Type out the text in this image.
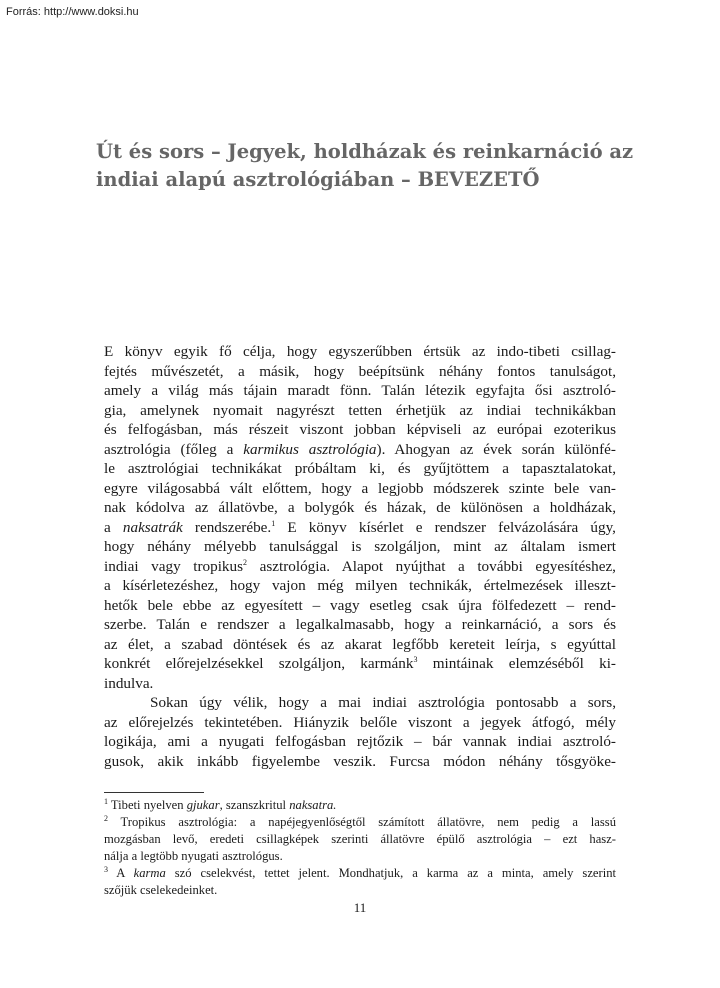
Forrás: http://www.doksi.hu
Út és sors – Jegyek, holdházak és reinkarnáció az
indiai alapú asztrológiában – BEVEZETŐ
E könyv egyik fő célja, hogy egyszerűbben értsük az indo-tibeti csillag-
fejtés művészetét, a másik, hogy beépítsünk néhány fontos tanulságot,
amely a világ más tájain maradt fönn. Talán létezik egyfajta ősi asztroló-
gia, amelynek nyomait nagyrészt tetten érhetjük az indiai technikákban
és felfogásban, más részeit viszont jobban képviseli az európai ezoterikus
asztrológia (főleg a karmikus asztrológia). Ahogyan az évek során különfé-
le asztrológiai technikákat próbáltam ki, és gyűjtöttem a tapasztalatokat,
egyre világosabbá vált előttem, hogy a legjobb módszerek szinte bele van-
nak kódolva az állatövbe, a bolygók és házak, de különösen a holdházak,
a naksatrák rendszerébe.$^1$ E könyv kísérlet e rendszer felvázolására úgy,
hogy néhány mélyebb tanulsággal is szolgáljon, mint az általam ismert
indiai vagy tropikus$^2$ asztrológia. Alapot nyújthat a további egyesítéshez,
a kísérletezéshez, hogy vajon még milyen technikák, értelmezések illeszt-
hetők bele ebbe az egyesített – vagy esetleg csak újra fölfedezett – rend-
szerbe. Talán e rendszer a legalkalmasabb, hogy a reinkarnáció, a sors és
az élet, a szabad döntések és az akarat legfőbb kereteit leírja, s egyúttal
konkrét előrejelzésekkel szolgáljon, karmánk$^3$ mintáinak elemzéséből ki-
indulva.
Sokan úgy vélik, hogy a mai indiai asztrológia pontosabb a sors,
az előrejelzés tekintetében. Hiányzik belőle viszont a jegyek átfogó, mély
logikája, ami a nyugati felfogásban rejtőzik – bár vannak indiai asztroló-
gusok, akik inkább figyelembe veszik. Furcsa módon néhány tősgyöke-
$^1$ Tibeti nyelven gjukar, szanszkritul naksatra.
$^2$ Tropikus asztrológia: a napéjegyenlőségtől számított állatövre, nem pedig a lassú
mozgásban levő, eredeti csillagképek szerinti állatövre épülő asztrológia – ezt hasz-
nálja a legtöbb nyugati asztrológus.
$^3$ A karma szó cselekvést, tettet jelent. Mondhatjuk, a karma az a minta, amely szerint
szőjük cselekedeinket.
11
